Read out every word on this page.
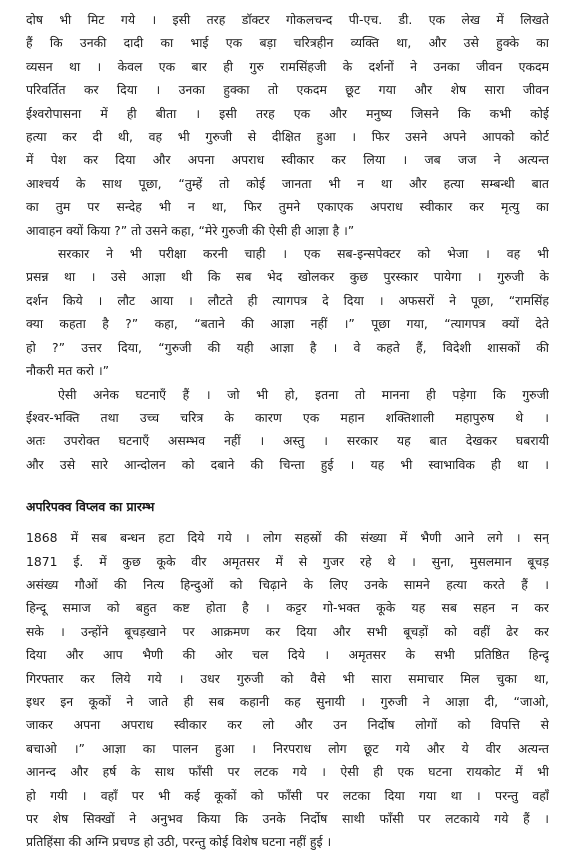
दोष भी मिट गये । इसी तरह डॉक्टर गोकलचन्द पी-एच. डी. एक लेख में लिखते

हैं कि उनकी दादी का भाई एक बड़ा चरित्रहीन व्यक्ति था, और उसे हुक्के का

व्यसन था । केवल एक बार ही गुरु रामसिंहजी के दर्शनों ने उनका जीवन एकदम

परिवर्तित कर दिया । उनका हुक्का तो एकदम छूट गया और शेष सारा जीवन

ईश्वरोपासना में ही बीता । इसी तरह एक और मनुष्य जिसने कि कभी कोई

हत्या कर दी थी, वह भी गुरुजी से दीक्षित हुआ । फिर उसने अपने आपको कोर्ट

में पेश कर दिया और अपना अपराध स्वीकार कर लिया । जब जज ने अत्यन्त

आश्चर्य के साथ पूछा, “तुम्हें तो कोई जानता भी न था और हत्या सम्बन्धी बात

का तुम पर सन्देह भी न था, फिर तुमने एकाएक अपराध स्वीकार कर मृत्यु का

आवाहन क्यों किया ?” तो उसने कहा, “मेरे गुरुजी की ऐसी ही आज्ञा है ।”

सरकार ने भी परीक्षा करनी चाही । एक सब-इन्सपेक्टर को भेजा । वह भी

प्रसन्न था । उसे आज्ञा थी कि सब भेद खोलकर कुछ पुरस्कार पायेगा । गुरुजी के

दर्शन किये । लौट आया । लौटते ही त्यागपत्र दे दिया । अफसरों ने पूछा, “रामसिंह

क्या कहता है ?” कहा, “बताने की आज्ञा नहीं ।” पूछा गया, “त्यागपत्र क्यों देते

हो ?” उत्तर दिया, “गुरुजी की यही आज्ञा है । वे कहते हैं, विदेशी शासकों की

नौकरी मत करो ।”

ऐसी अनेक घटनाएँ हैं । जो भी हो, इतना तो मानना ही पड़ेगा कि गुरुजी

ईश्वर-भक्ति तथा उच्च चरित्र के कारण एक महान शक्तिशाली महापुरुष थे ।

अतः उपरोक्त घटनाएँ असम्भव नहीं । अस्तु । सरकार यह बात देखकर घबरायी

और उसे सारे आन्दोलन को दबाने की चिन्ता हुई । यह भी स्वाभाविक ही था ।

अपरिपक्व विप्लव का प्रारम्भ

1868 में सब बन्धन हटा दिये गये । लोग सहस्रों की संख्या में भैणी आने लगे । सन्

1871 ई. में कुछ कूके वीर अमृतसर में से गुजर रहे थे । सुना, मुसलमान बूचड़

असंख्य गौओं की नित्य हिन्दुओं को चिढ़ाने के लिए उनके सामने हत्या करते हैं ।

हिन्दू समाज को बहुत कष्ट होता है । कट्टर गो-भक्त कूके यह सब सहन न कर

सके । उन्होंने बूचड़खाने पर आक्रमण कर दिया और सभी बूचड़ों को वहीं ढेर कर

दिया और आप भैणी की ओर चल दिये । अमृतसर के सभी प्रतिष्ठित हिन्दू

गिरफ्तार कर लिये गये । उधर गुरुजी को वैसे भी सारा समाचार मिल चुका था,

इधर इन कूकों ने जाते ही सब कहानी कह सुनायी । गुरुजी ने आज्ञा दी, “जाओ,

जाकर अपना अपराध स्वीकार कर लो और उन निर्दोष लोगों को विपत्ति से

बचाओ ।” आज्ञा का पालन हुआ । निरपराध लोग छूट गये और ये वीर अत्यन्त

आनन्द और हर्ष के साथ फाँसी पर लटक गये । ऐसी ही एक घटना रायकोट में भी

हो गयी । वहाँ पर भी कई कूकों को फाँसी पर लटका दिया गया था । परन्तु वहाँ

पर शेष सिक्खों ने अनुभव किया कि उनके निर्दोष साथी फाँसी पर लटकाये गये हैं ।

प्रतिहिंसा की अग्नि प्रचण्ड हो उठी, परन्तु कोई विशेष घटना नहीं हुई ।
